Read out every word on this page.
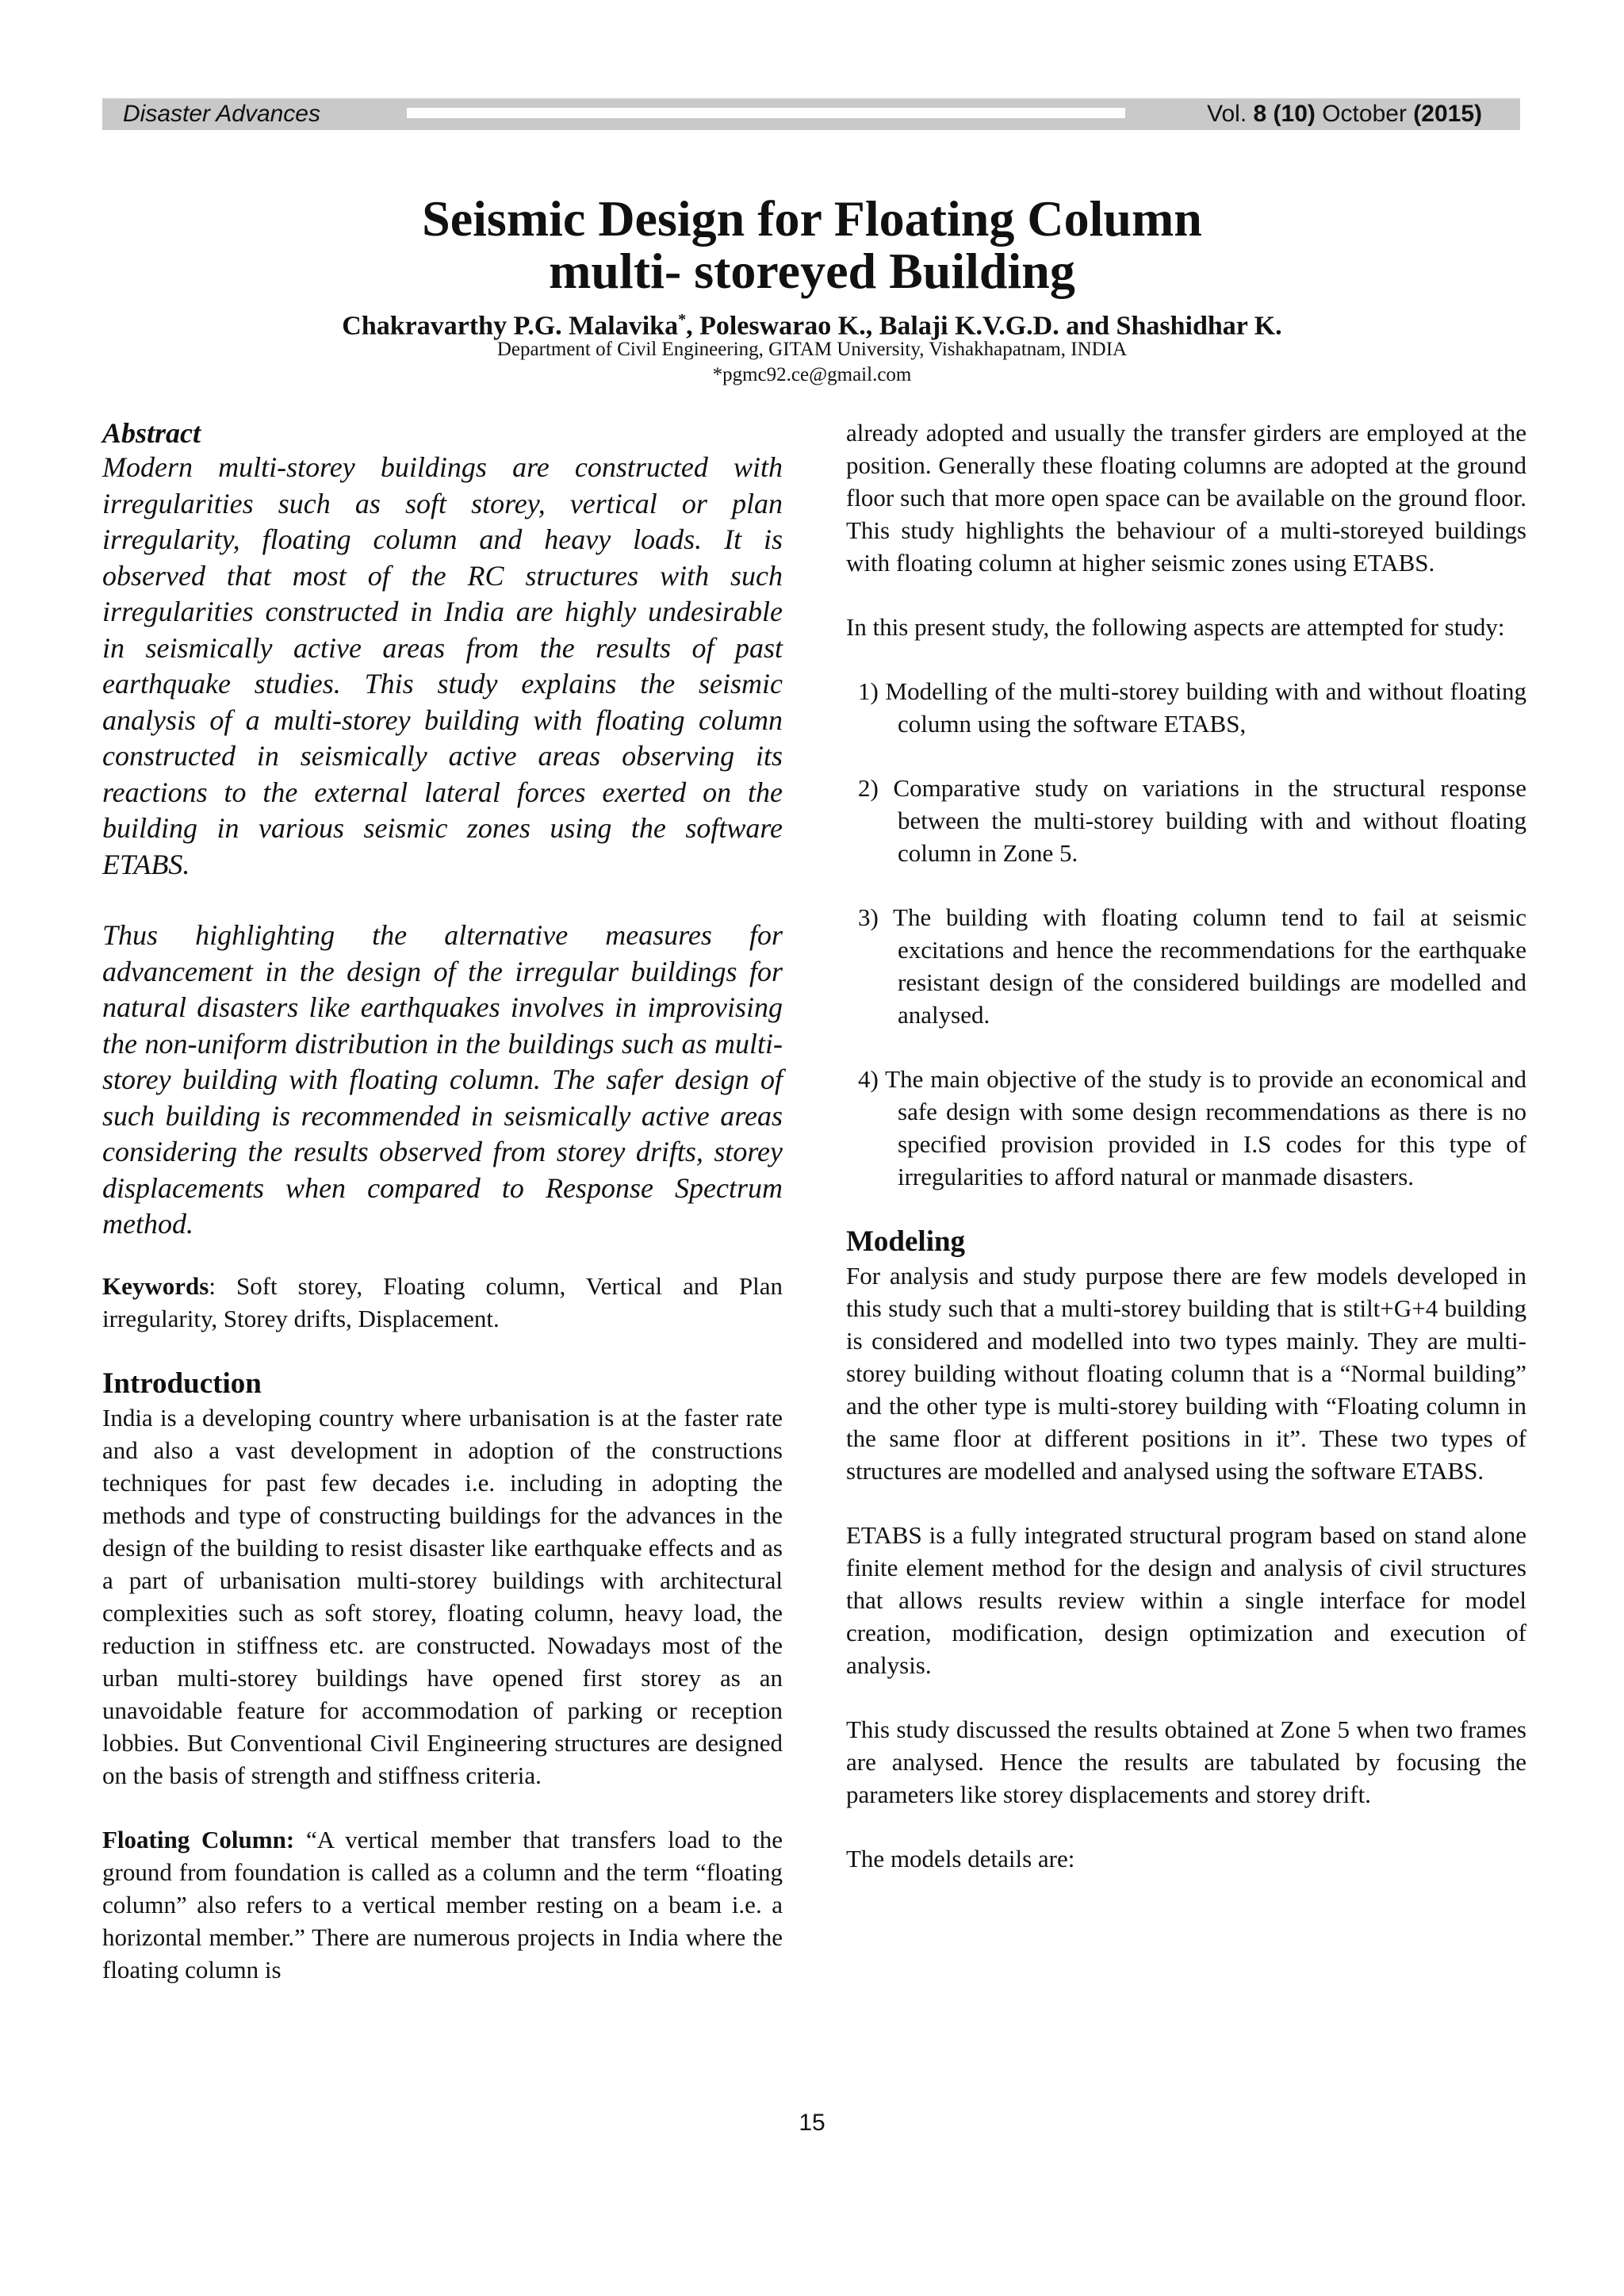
Disaster Advances	Vol. 8 (10) October (2015)
Seismic Design for Floating Column
multi- storeyed Building
Chakravarthy P.G. Malavika*, Poleswarao K., Balaji K.V.G.D. and Shashidhar K.
Department of Civil Engineering, GITAM University, Vishakhapatnam, INDIA
*pgmc92.ce@gmail.com

Abstract

Modern multi-storey buildings are constructed with irregularities such as soft storey, vertical or plan irregularity, floating column and heavy loads. It is observed that most of the RC structures with such irregularities constructed in India are highly undesirable in seismically active areas from the results of past earthquake studies. This study explains the seismic analysis of a multi-storey building with floating column constructed in seismically active areas observing its reactions to the external lateral forces exerted on the building in various seismic zones using the software ETABS.

Thus highlighting the alternative measures for advancement in the design of the irregular buildings for natural disasters like earthquakes involves in improvising the non-uniform distribution in the buildings such as multi-storey building with floating column. The safer design of such building is recommended in seismically active areas considering the results observed from storey drifts, storey displacements when compared to Response Spectrum method.

Keywords: Soft storey, Floating column, Vertical and Plan irregularity, Storey drifts, Displacement.

Introduction

India is a developing country where urbanisation is at the faster rate and also a vast development in adoption of the constructions techniques for past few decades i.e. including in adopting the methods and type of constructing buildings for the advances in the design of the building to resist disaster like earthquake effects and as a part of urbanisation multi-storey buildings with architectural complexities such as soft storey, floating column, heavy load, the reduction in stiffness etc. are constructed. Nowadays most of the urban multi-storey buildings have opened first storey as an unavoidable feature for accommodation of parking or reception lobbies. But Conventional Civil Engineering structures are designed on the basis of strength and stiffness criteria.

Floating Column: “A vertical member that transfers load to the ground from foundation is called as a column and the term “floating column” also refers to a vertical member resting on a beam i.e. a horizontal member.” There are numerous projects in India where the floating column is

already adopted and usually the transfer girders are employed at the position. Generally these floating columns are adopted at the ground floor such that more open space can be available on the ground floor. This study highlights the behaviour of a multi-storeyed buildings with floating column at higher seismic zones using ETABS.

In this present study, the following aspects are attempted for study:

1) Modelling of the multi-storey building with and without floating column using the software ETABS,

2) Comparative study on variations in the structural response between the multi-storey building with and without floating column in Zone 5.

3) The building with floating column tend to fail at seismic excitations and hence the recommendations for the earthquake resistant design of the considered buildings are modelled and analysed.

4) The main objective of the study is to provide an economical and safe design with some design recommendations as there is no specified provision provided in I.S codes for this type of irregularities to afford natural or manmade disasters.

Modeling

For analysis and study purpose there are few models developed in this study such that a multi-storey building that is stilt+G+4 building is considered and modelled into two types mainly. They are multi-storey building without floating column that is a “Normal building” and the other type is multi-storey building with “Floating column in the same floor at different positions in it”. These two types of structures are modelled and analysed using the software ETABS.

ETABS is a fully integrated structural program based on stand alone finite element method for the design and analysis of civil structures that allows results review within a single interface for model creation, modification, design optimization and execution of analysis.

This study discussed the results obtained at Zone 5 when two frames are analysed. Hence the results are tabulated by focusing the parameters like storey displacements and storey drift.

The models details are:

15
